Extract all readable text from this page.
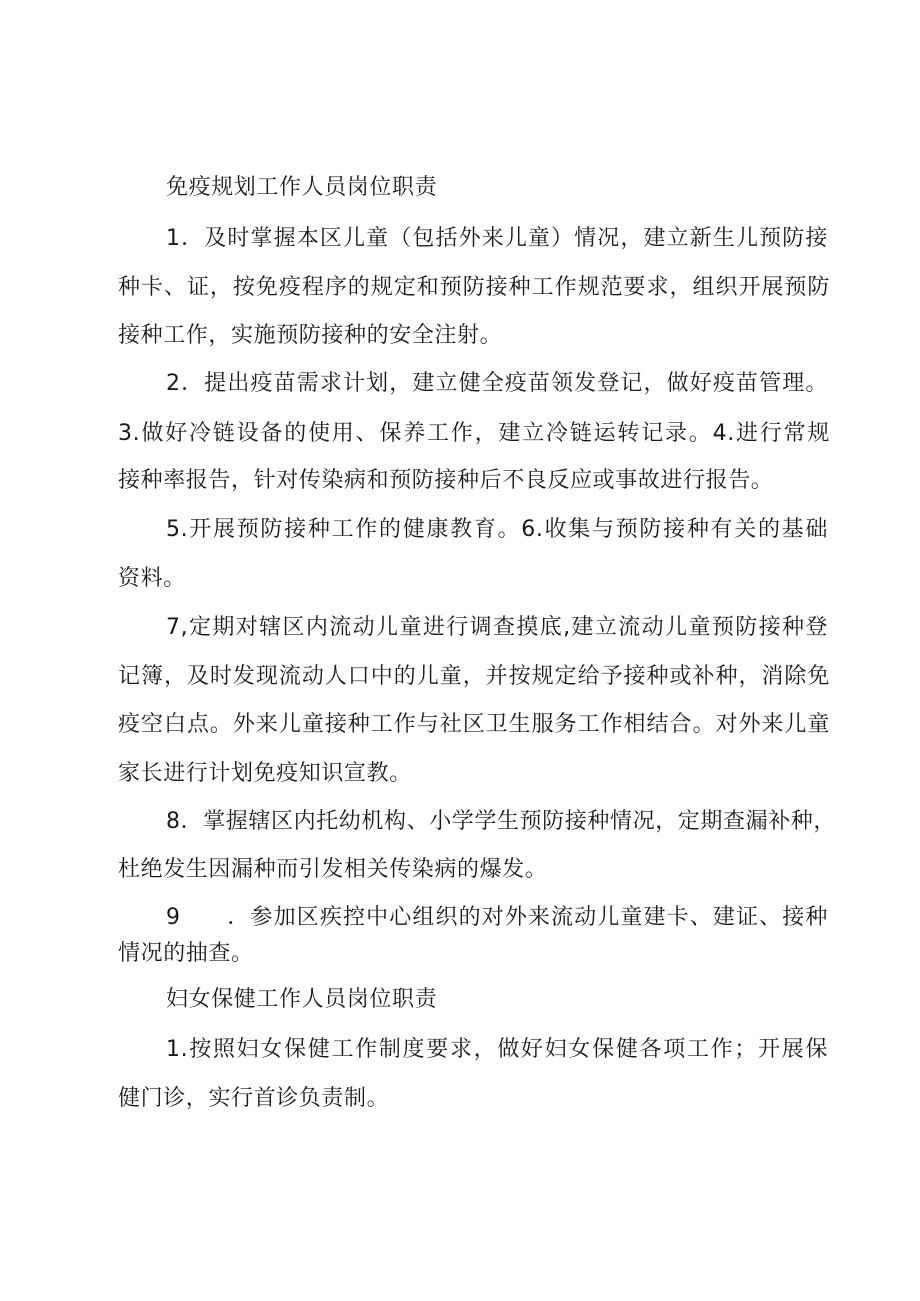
免疫规划工作人员岗位职责
1．及时掌握本区儿童（包括外来儿童）情况，建立新生儿预防接
种卡、证，按免疫程序的规定和预防接种工作规范要求，组织开展预防
接种工作，实施预防接种的安全注射。
2．提出疫苗需求计划，建立健全疫苗领发登记，做好疫苗管理。
3.做好冷链设备的使用、保养工作，建立冷链运转记录。4.进行常规
接种率报告，针对传染病和预防接种后不良反应或事故进行报告。
5.开展预防接种工作的健康教育。6.收集与预防接种有关的基础
资料。
7,定期对辖区内流动儿童进行调查摸底,建立流动儿童预防接种登
记簿，及时发现流动人口中的儿童，并按规定给予接种或补种，消除免
疫空白点。外来儿童接种工作与社区卫生服务工作相结合。对外来儿童
家长进行计划免疫知识宣教。
8．掌握辖区内托幼机构、小学学生预防接种情况，定期查漏补种，
杜绝发生因漏种而引发相关传染病的爆发。
9　　．参加区疾控中心组织的对外来流动儿童建卡、建证、接种
情况的抽查。
妇女保健工作人员岗位职责
1.按照妇女保健工作制度要求，做好妇女保健各项工作；开展保
健门诊，实行首诊负责制。
